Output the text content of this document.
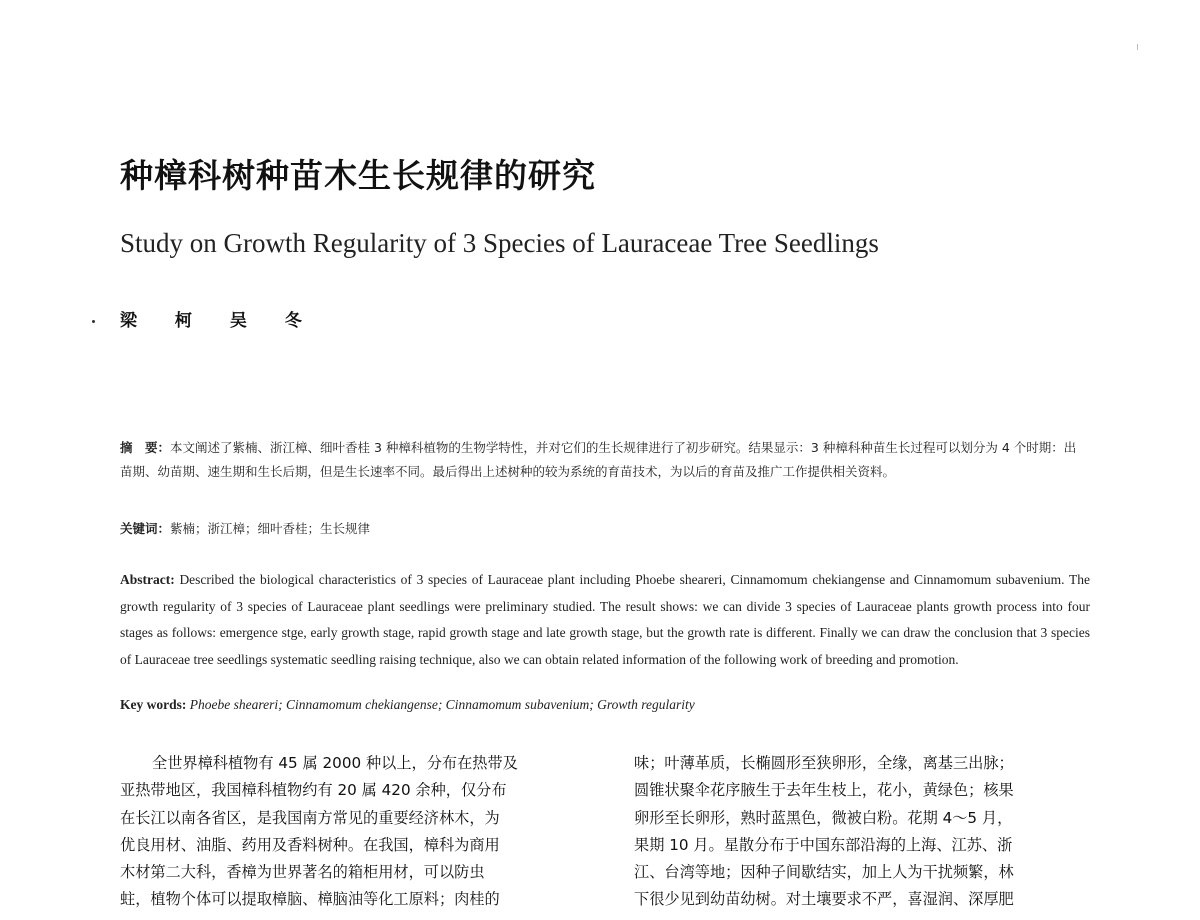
种樟科树种苗木生长规律的研究
Study on Growth Regularity of 3 Species of Lauraceae Tree Seedlings
梁 柯 吴 冬
摘　要：本文阐述了紫楠、浙江樟、细叶香桂 3 种樟科植物的生物学特性，并对它们的生长规律进行了初步研究。结果显示：3 种樟科种苗生长过程可以划分为 4 个时期：出苗期、幼苗期、速生期和生长后期，但是生长速率不同。最后得出上述树种的较为系统的育苗技术，为以后的育苗及推广工作提供相关资料。
关键词：紫楠；浙江樟；细叶香桂；生长规律
Abstract: Described the biological characteristics of 3 species of Lauraceae plant including Phoebe sheareri, Cinnamomum chekiangense and Cinnamomum subavenium. The growth regularity of 3 species of Lauraceae plant seedlings were preliminary studied. The result shows: we can divide 3 species of Lauraceae plants growth process into four stages as follows: emergence stge, early growth stage, rapid growth stage and late growth stage, but the growth rate is different. Finally we can draw the conclusion that 3 species of Lauraceae tree seedlings systematic seedling raising technique, also we can obtain related information of the following work of breeding and promotion.
Key words: Phoebe sheareri; Cinnamomum chekiangense; Cinnamomum subavenium; Growth regularity
全世界樟科植物有 45 属 2000 种以上，分布在热带及
亚热带地区，我国樟科植物约有 20 属 420 余种，仅分布
在长江以南各省区，是我国南方常见的重要经济林木，为
优良用材、油脂、药用及香料树种。在我国，樟科为商用
木材第二大科，香樟为世界著名的箱柜用材，可以防虫
蛀，植物个体可以提取樟脑、樟脑油等化工原料；肉桂的
味；叶薄革质，长椭圆形至狭卵形，全缘，离基三出脉；
圆锥状聚伞花序腋生于去年生枝上，花小，黄绿色；核果
卵形至长卵形，熟时蓝黑色，微被白粉。花期 4～5 月，
果期 10 月。星散分布于中国东部沿海的上海、江苏、浙
江、台湾等地；因种子间歇结实，加上人为干扰频繁，林
下很少见到幼苗幼树。对土壤要求不严，喜湿润、深厚肥
